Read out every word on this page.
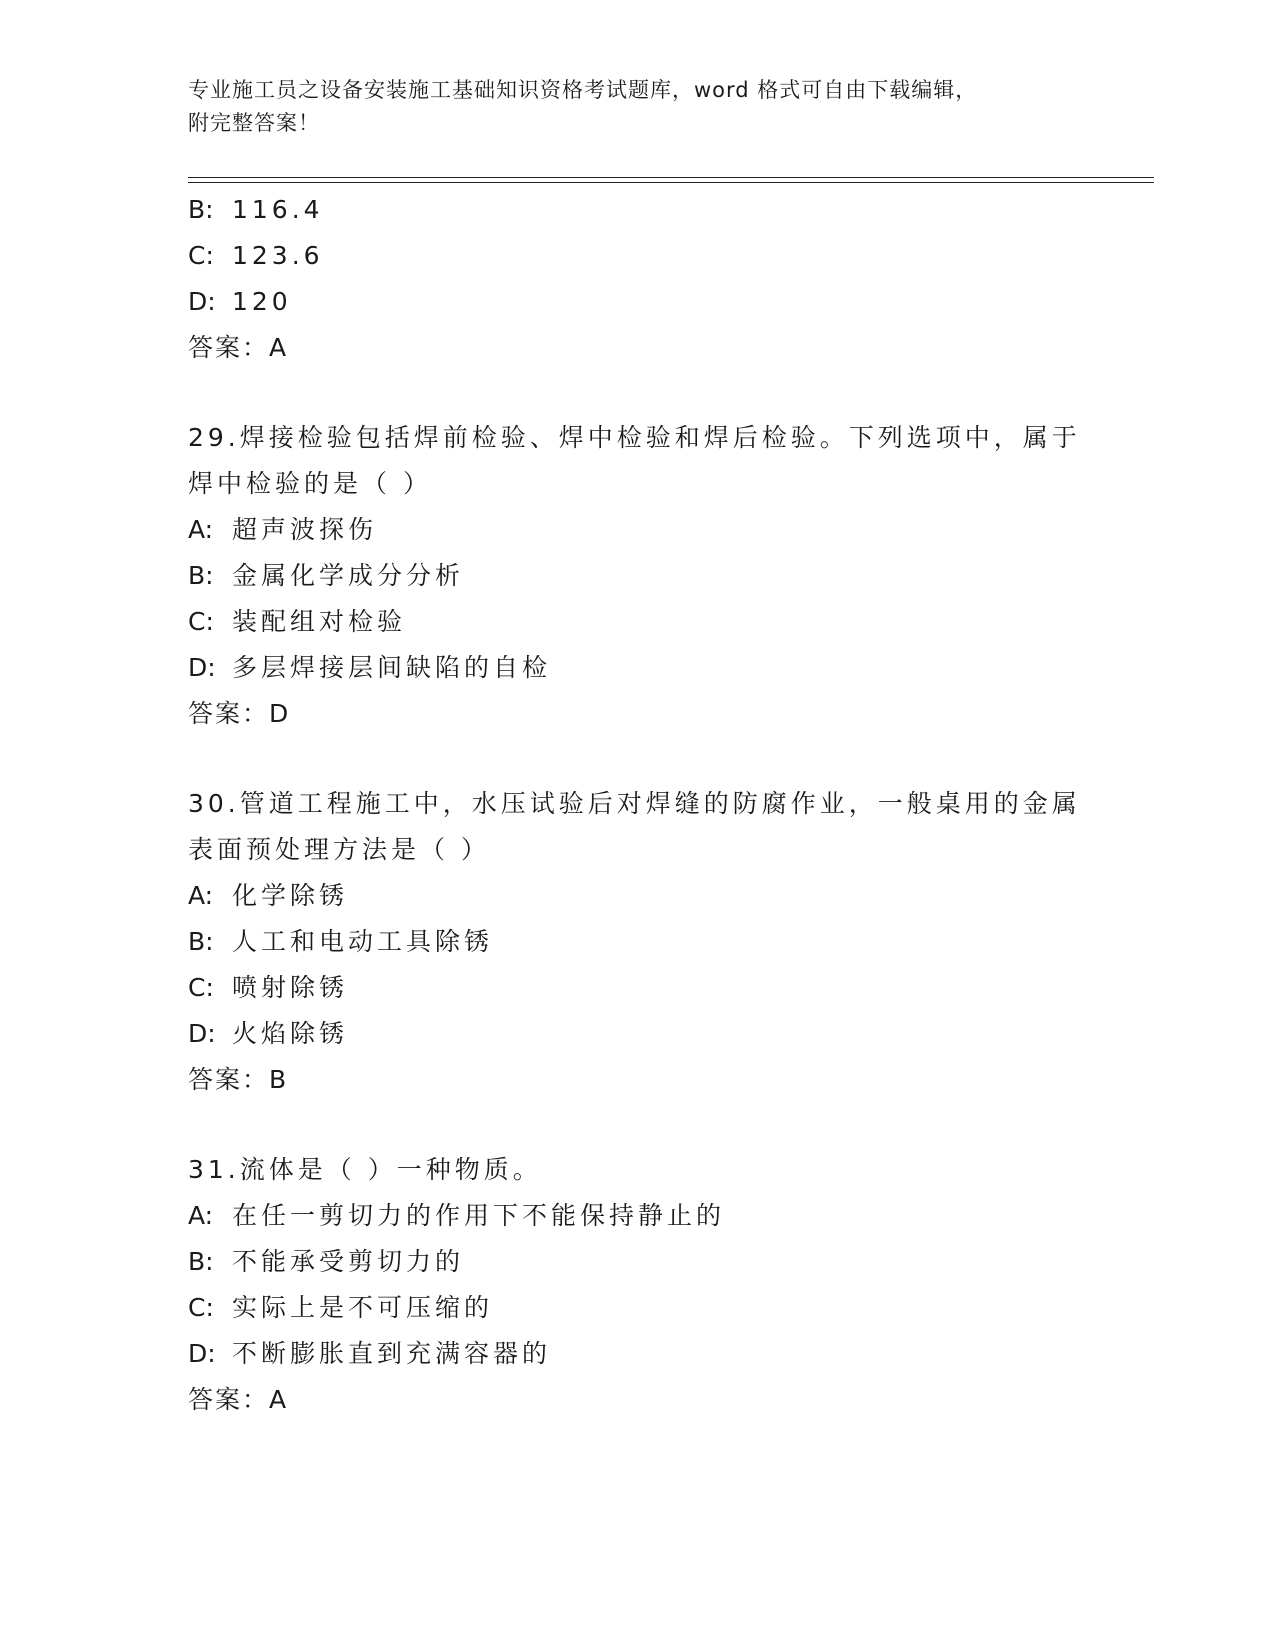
专业施工员之设备安装施工基础知识资格考试题库，word 格式可自由下载编辑，
附完整答案！
B: 116.4
C: 123.6
D: 120
答案：A
29.焊接检验包括焊前检验、焊中检验和焊后检验。下列选项中，属于
焊中检验的是（ ）
A: 超声波探伤
B: 金属化学成分分析
C: 装配组对检验
D: 多层焊接层间缺陷的自检
答案：D
30.管道工程施工中，水压试验后对焊缝的防腐作业，一般桌用的金属
表面预处理方法是（ ）
A: 化学除锈
B: 人工和电动工具除锈
C: 喷射除锈
D: 火焰除锈
答案：B
31.流体是（ ）一种物质。
A: 在任一剪切力的作用下不能保持静止的
B: 不能承受剪切力的
C: 实际上是不可压缩的
D: 不断膨胀直到充满容器的
答案：A
